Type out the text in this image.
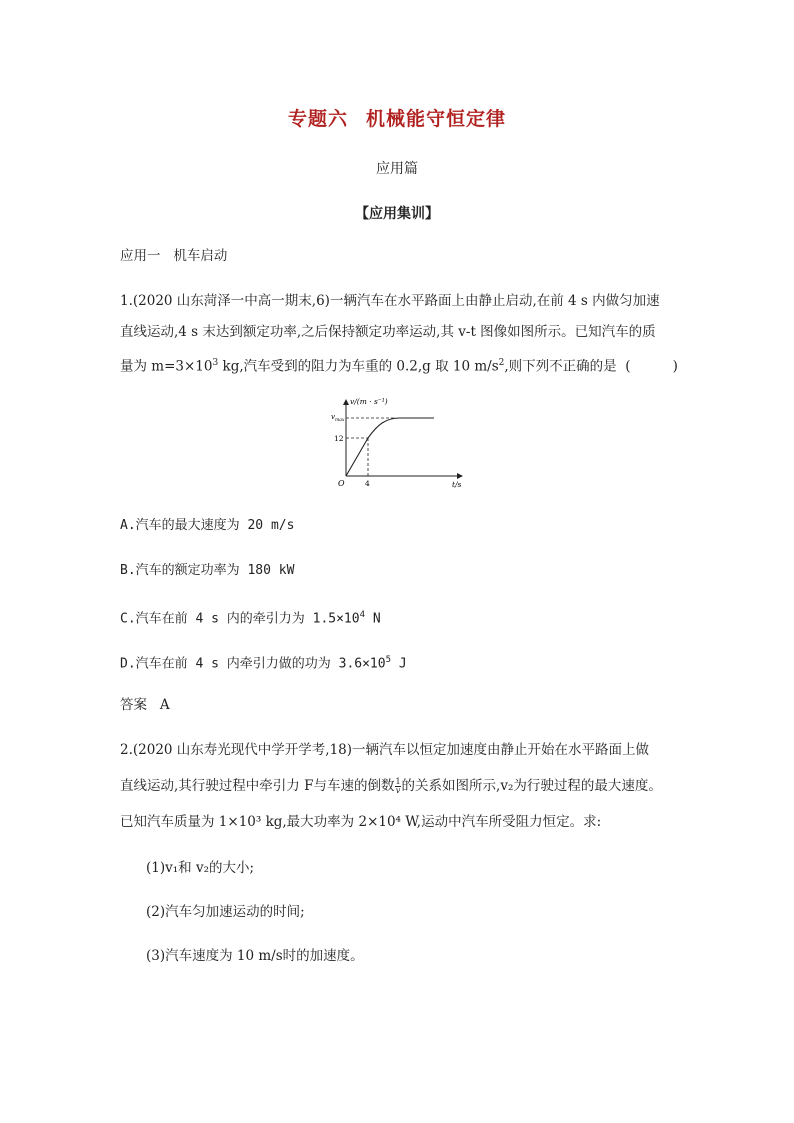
专题六 机械能守恒定律
应用篇
【应用集训】
应用一 机车启动
1.(2020 山东菏泽一中高一期末,6)一辆汽车在水平路面上由静止启动,在前 4 s 内做匀加速
直线运动,4 s 末达到额定功率,之后保持额定功率运动,其 v-t 图像如图所示。已知汽车的质
量为 $m=3\times 10^3$ kg,汽车受到的阻力为车重的 0.2,g 取 10 $m/s^2$,则下列不正确的是 (	)
v/(m · s⁻¹)
$v_{max}$
12
O	4	t/s
A.汽车的最大速度为 20 m/s
B.汽车的额定功率为 180 kW
C.汽车在前 4 s 内的牵引力为 $1.5\times 10^4$ N
D.汽车在前 4 s 内牵引力做的功为 $3.6\times 10^5$ J
答案 A
2.(2020 山东寿光现代中学开学考,18)一辆汽车以恒定加速度由静止开始在水平路面上做
直线运动,其行驶过程中牵引力 F与车速的倒数 $\frac{1}{v}$ 的关系如图所示,v₂为行驶过程的最大速度。
已知汽车质量为 1×10³ kg,最大功率为 2×10⁴ W,运动中汽车所受阻力恒定。求:
(1)v₁和 v₂的大小;
(2)汽车匀加速运动的时间;
(3)汽车速度为 10 m/s时的加速度。
